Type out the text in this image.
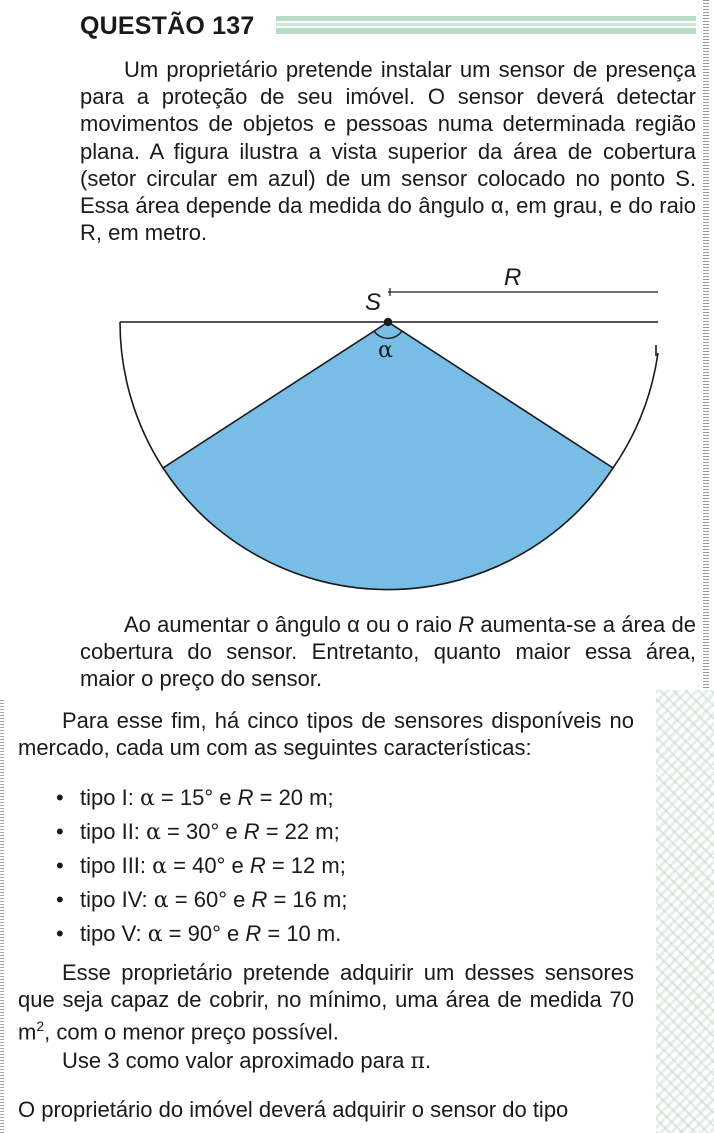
QUESTÃO 137

Um proprietário pretende instalar um sensor de presença para a proteção de seu imóvel. O sensor deverá detectar movimentos de objetos e pessoas numa determinada região plana. A figura ilustra a vista superior da área de cobertura (setor circular em azul) de um sensor colocado no ponto S. Essa área depende da medida do ângulo α, em grau, e do raio R, em metro.

R
S
α

Ao aumentar o ângulo α ou o raio R aumenta-se a área de cobertura do sensor. Entretanto, quanto maior essa área, maior o preço do sensor.

Para esse fim, há cinco tipos de sensores disponíveis no mercado, cada um com as seguintes características:

• tipo I: α = 15° e R = 20 m;
• tipo II: α = 30° e R = 22 m;
• tipo III: α = 40° e R = 12 m;
• tipo IV: α = 60° e R = 16 m;
• tipo V: α = 90° e R = 10 m.

Esse proprietário pretende adquirir um desses sensores que seja capaz de cobrir, no mínimo, uma área de medida 70 $m^2$, com o menor preço possível.

Use 3 como valor aproximado para π.

O proprietário do imóvel deverá adquirir o sensor do tipo
